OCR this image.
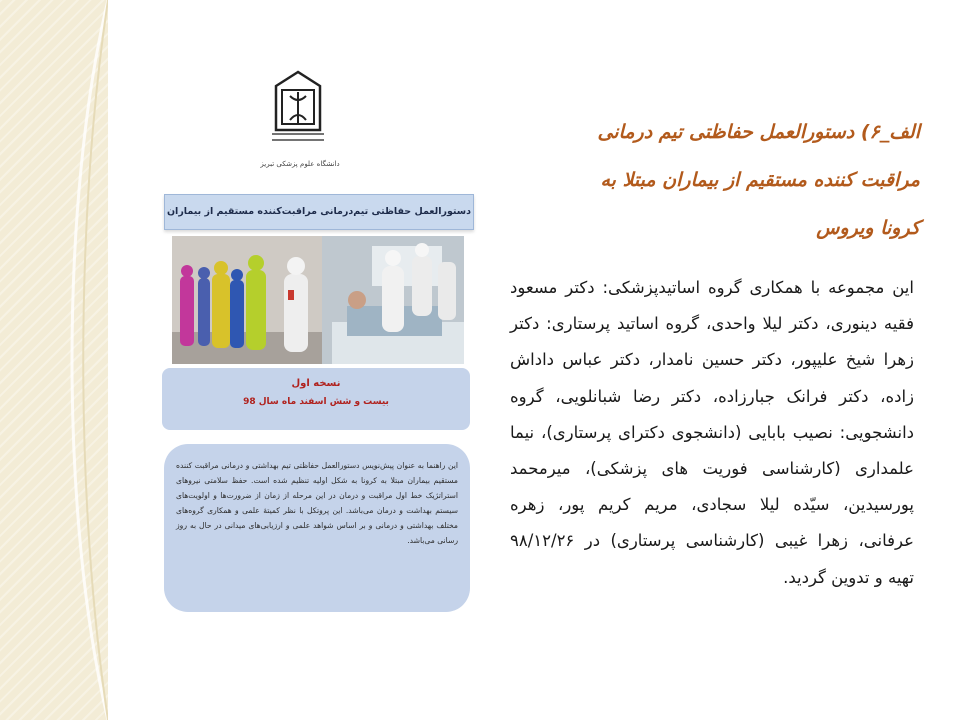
دانشگاه علوم پزشکی تبریز
دستورالعمل حفاظتی تیم‌درمانی مراقبت‌کننده مستقیم از بیماران
نسخه اول
بیست و شش اسفند ماه سال 98
این راهنما به عنوان پیش‌نویس دستورالعمل حفاظتی تیم بهداشتی و درمانی مراقبت کننده مستقیم بیماران مبتلا به کرونا به شکل اولیه تنظیم شده است. حفظ سلامتی نیروهای استراتژیک خط اول مراقبت و درمان در این مرحله از زمان از ضرورت‌ها و اولویت‌های سیستم بهداشت و درمان می‌باشد. این پروتکل با نظر کمیتهٔ علمی و همکاری گروه‌های مختلف بهداشتی و درمانی و بر اساس شواهد علمی و ارزیابی‌های میدانی در حال به روز رسانی می‌باشد.
الف_۶) دستورالعمل حفاظتی تیم درمانی
مراقبت کننده مستقیم از بیماران مبتلا به
کرونا ویروس
این مجموعه با همکاری گروه اساتیدپزشکی: دکتر مسعود فقیه دینوری، دکتر لیلا واحدی، گروه اساتید پرستاری: دکتر زهرا شیخ علیپور، دکتر حسین نامدار، دکتر عباس داداش زاده، دکتر فرانک جبارزاده، دکتر رضا شبانلویی، گروه دانشجویی: نصیب بابایی (دانشجوی دکترای پرستاری)، نیما علمداری (کارشناسی فوریت های پزشکی)، میرمحمد پورسیدین، سیّده لیلا سجادی، مریم کریم پور، زهره عرفانی، زهرا غیبی (کارشناسی پرستاری) در ۹۸/۱۲/۲۶ تهیه و تدوین گردید.
